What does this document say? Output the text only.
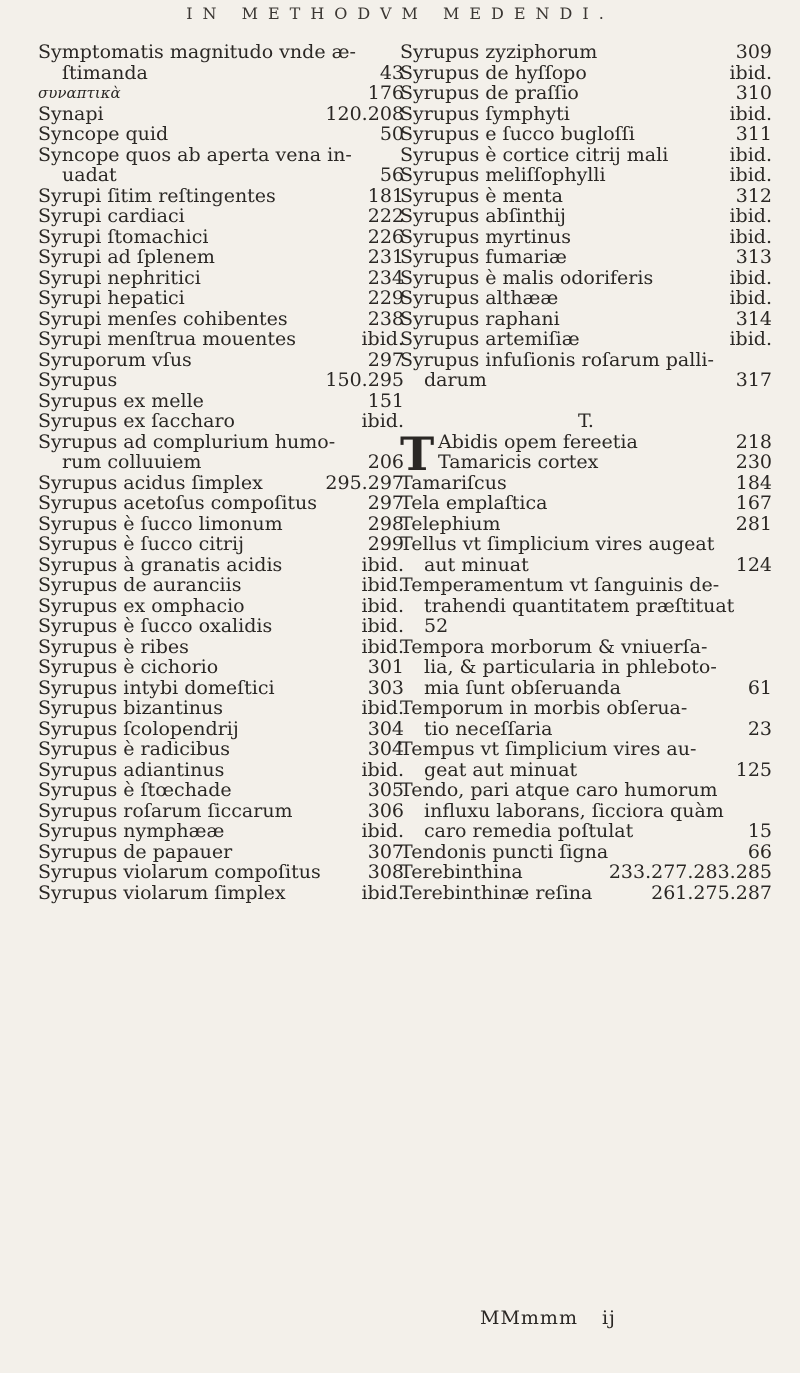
IN METHODVM MEDENDI.
Symptomatis magnitudo vnde æ-
ſtimanda	43
συναπτικὰ	176
Synapi	120.208
Syncope quid	50
Syncope quos ab aperta vena in-
uadat	56
Syrupi ſitim reſtingentes	181
Syrupi cardiaci	222
Syrupi ſtomachici	226
Syrupi ad ſplenem	231
Syrupi nephritici	234
Syrupi hepatici	229
Syrupi menſes cohibentes	238
Syrupi menſtrua mouentes	ibid.
Syruporum vſus	297
Syrupus	150.295
Syrupus ex melle	151
Syrupus ex ſaccharo	ibid.
Syrupus ad complurium humo-
rum colluuiem	206
Syrupus acidus ſimplex	295.297
Syrupus acetoſus compoſitus	297
Syrupus è ſucco limonum	298
Syrupus è ſucco citrij	299
Syrupus à granatis acidis	ibid.
Syrupus de auranciis	ibid.
Syrupus ex omphacio	ibid.
Syrupus è ſucco oxalidis	ibid.
Syrupus è ribes	ibid.
Syrupus è cichorio	301
Syrupus intybi domeſtici	303
Syrupus bizantinus	ibid.
Syrupus ſcolopendrij	304
Syrupus è radicibus	304
Syrupus adiantinus	ibid.
Syrupus è ſtœchade	305
Syrupus roſarum ſiccarum	306
Syrupus nymphææ	ibid.
Syrupus de papauer	307
Syrupus violarum compoſitus 308
Syrupus violarum ſimplex	ibid.
Syrupus zyziphorum	309
Syrupus de hyſſopo	ibid.
Syrupus de praſſio	310
Syrupus ſymphyti	ibid.
Syrupus e ſucco bugloſſi	311
Syrupus è cortice citrij mali	ibid.
Syrupus meliſſophylli	ibid.
Syrupus è menta	312
Syrupus abſinthij	ibid.
Syrupus myrtinus	ibid.
Syrupus fumariæ	313
Syrupus è malis odoriferis	ibid.
Syrupus althææ	ibid.
Syrupus raphani	314
Syrupus artemiſiæ	ibid.
Syrupus infuſionis roſarum palli-
darum	317
T.
T Abidis opem fereetia	218
Tamaricis cortex	230
Tamariſcus	184
Tela emplaſtica	167
Telephium	281
Tellus vt ſimplicium vires augeat
aut minuat	124
Temperamentum vt ſanguinis de-
trahendi quantitatem præſtituat
52
Tempora morborum & vniuerſa-
lia, & particularia in phleboto-
mia ſunt obſeruanda	61
Temporum in morbis obſerua-
tio neceſſaria	23
Tempus vt ſimplicium vires au-
geat aut minuat	125
Tendo, pari atque caro humorum
influxu laborans, ſicciora quàm
caro remedia poſtulat	15
Tendonis puncti ſigna	66
Terebinthina	233.277.283.285
Terebinthinæ reſina	261.275.287
MMmmm ij
